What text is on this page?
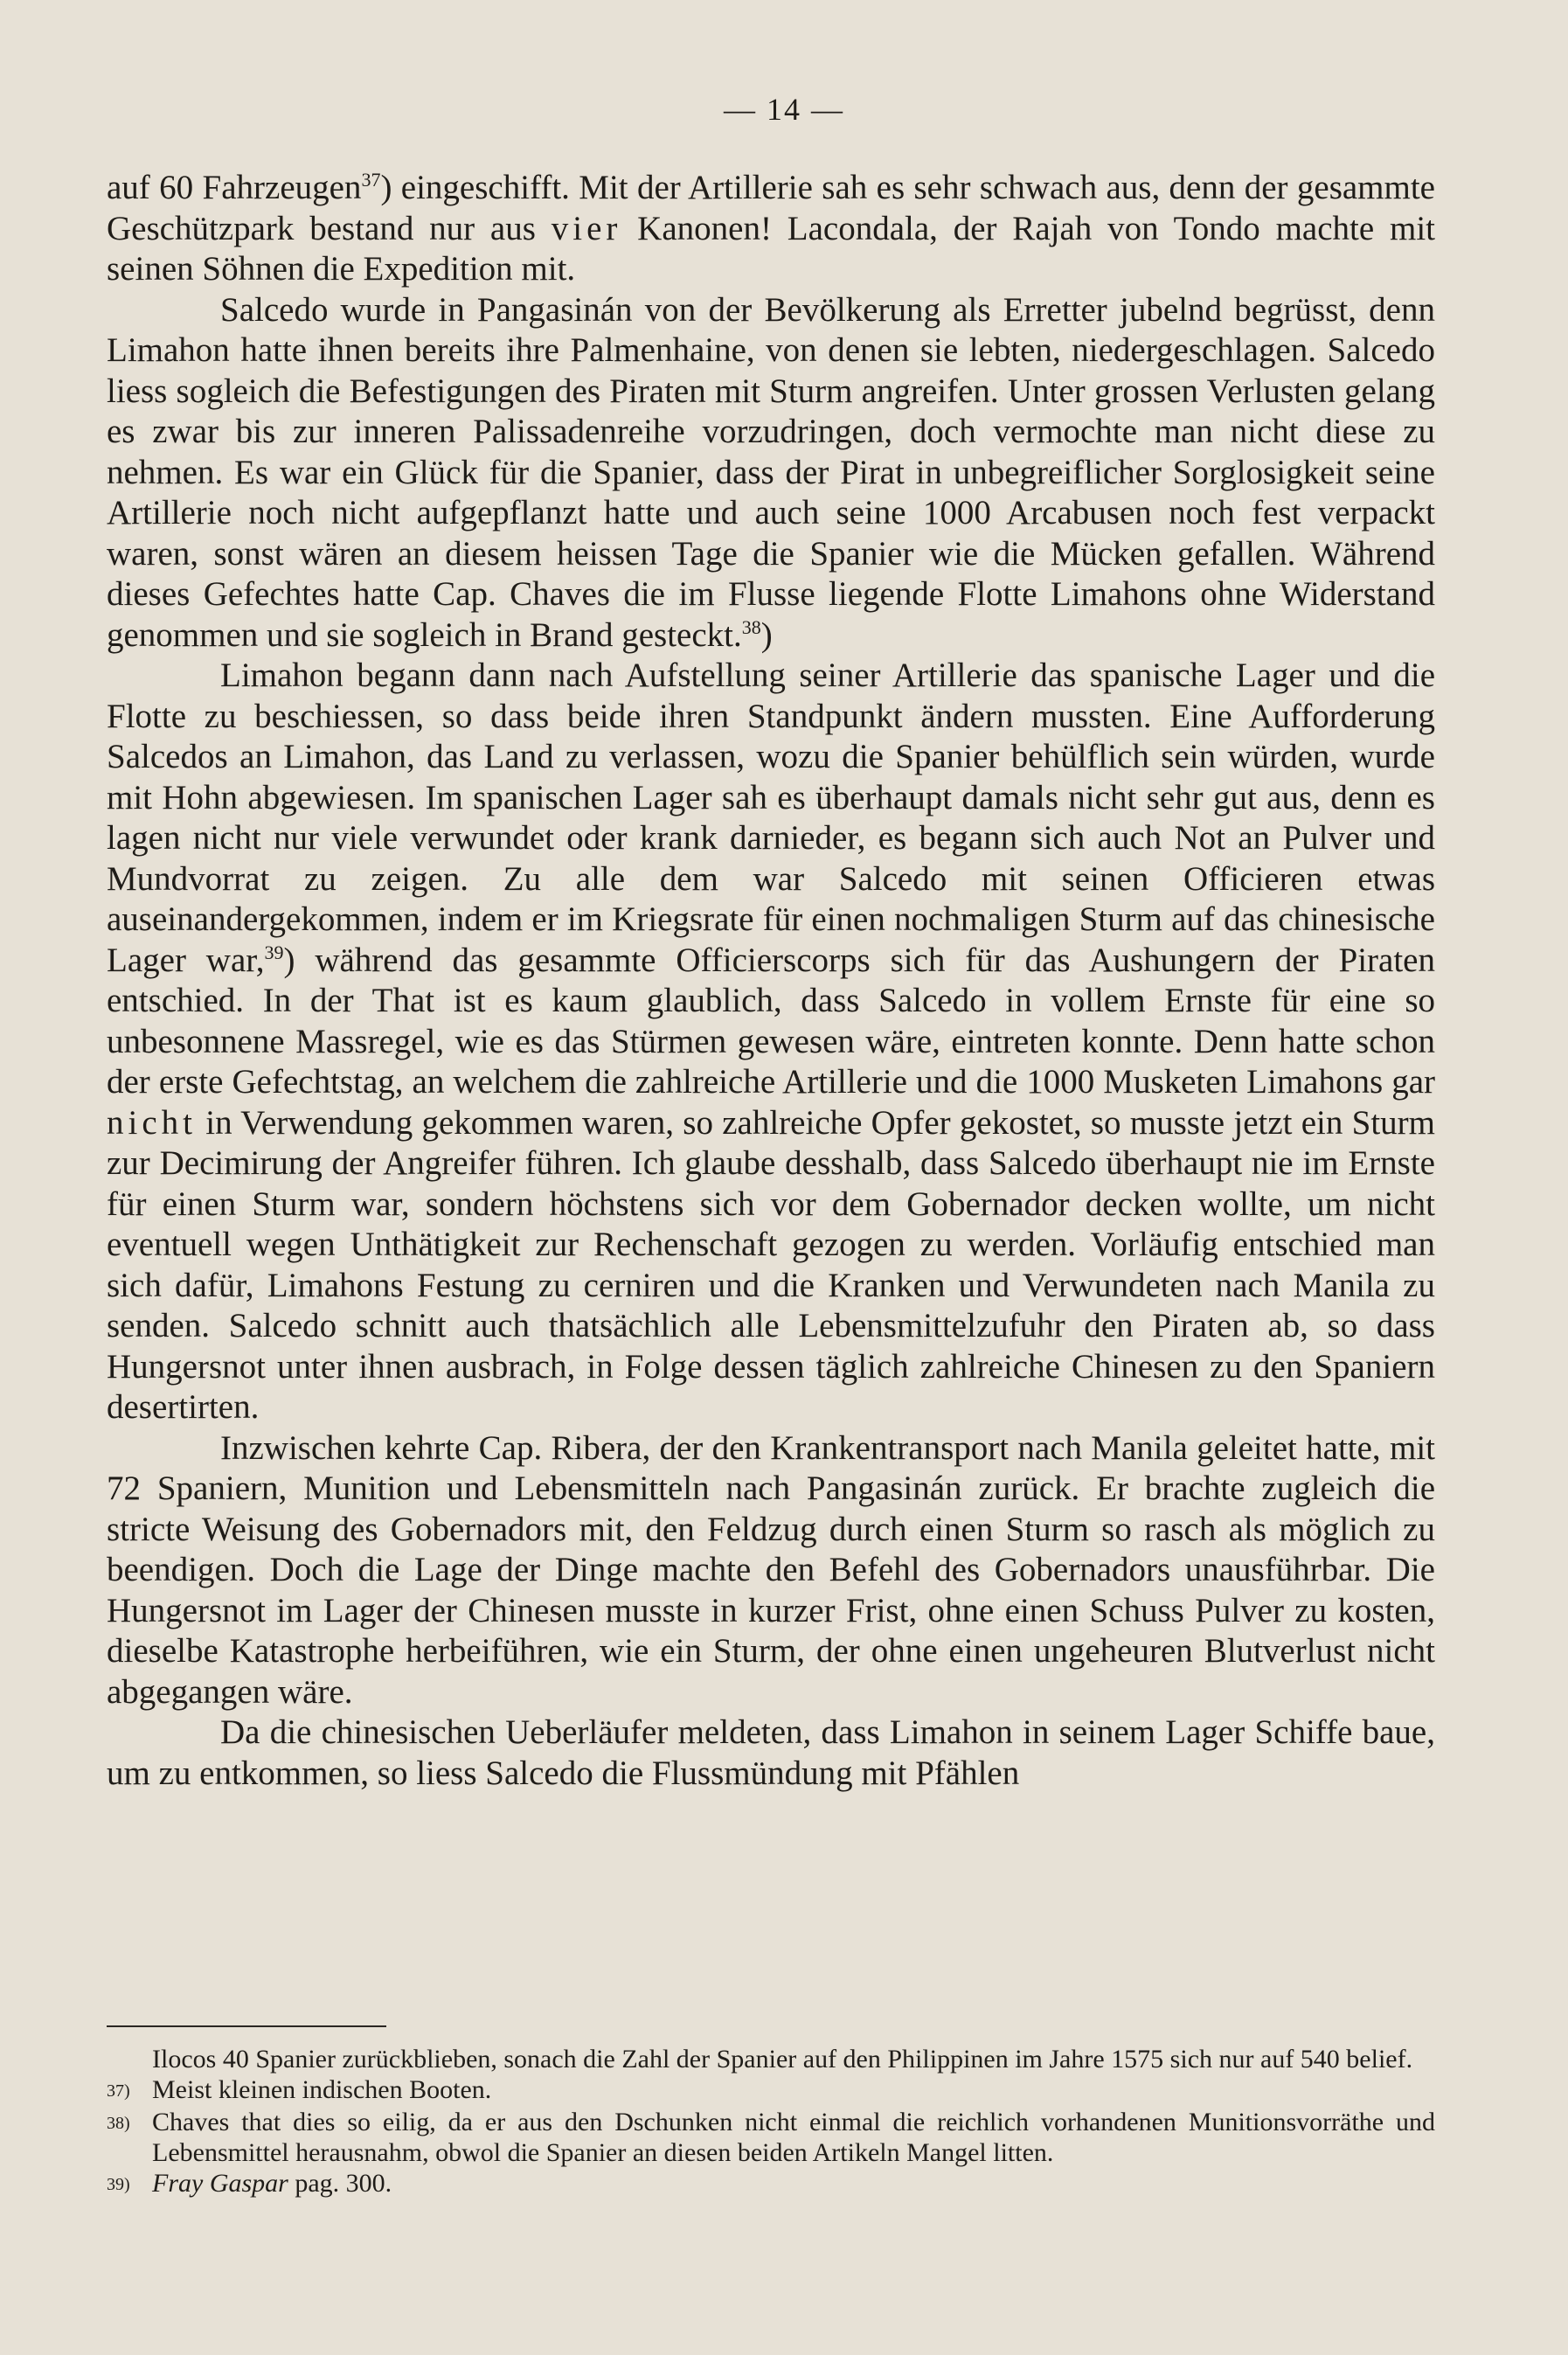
— 14 —

auf 60 Fahrzeugen$^{37}$) eingeschifft. Mit der Artillerie sah es sehr schwach aus, denn der gesammte Geschützpark bestand nur aus vier Kanonen! Lacondala, der Rajah von Tondo machte mit seinen Söhnen die Expedition mit.

Salcedo wurde in Pangasinán von der Bevölkerung als Erretter jubelnd begrüsst, denn Limahon hatte ihnen bereits ihre Palmenhaine, von denen sie lebten, niedergeschlagen. Salcedo liess sogleich die Befestigungen des Piraten mit Sturm angreifen. Unter grossen Verlusten gelang es zwar bis zur inneren Palissadenreihe vorzudringen, doch vermochte man nicht diese zu nehmen. Es war ein Glück für die Spanier, dass der Pirat in unbegreiflicher Sorglosigkeit seine Artillerie noch nicht aufgepflanzt hatte und auch seine 1000 Arcabusen noch fest verpackt waren, sonst wären an diesem heissen Tage die Spanier wie die Mücken gefallen. Während dieses Gefechtes hatte Cap. Chaves die im Flusse liegende Flotte Limahons ohne Widerstand genommen und sie sogleich in Brand gesteckt.$^{38}$)

Limahon begann dann nach Aufstellung seiner Artillerie das spanische Lager und die Flotte zu beschiessen, so dass beide ihren Standpunkt ändern mussten. Eine Aufforderung Salcedos an Limahon, das Land zu verlassen, wozu die Spanier behülflich sein würden, wurde mit Hohn abgewiesen. Im spanischen Lager sah es überhaupt damals nicht sehr gut aus, denn es lagen nicht nur viele verwundet oder krank darnieder, es begann sich auch Not an Pulver und Mundvorrat zu zeigen. Zu alle dem war Salcedo mit seinen Officieren etwas auseinandergekommen, indem er im Kriegsrate für einen nochmaligen Sturm auf das chinesische Lager war,$^{39}$) während das gesammte Officierscorps sich für das Aushungern der Piraten entschied. In der That ist es kaum glaublich, dass Salcedo in vollem Ernste für eine so unbesonnene Massregel, wie es das Stürmen gewesen wäre, eintreten konnte. Denn hatte schon der erste Gefechtstag, an welchem die zahlreiche Artillerie und die 1000 Musketen Limahons gar nicht in Verwendung gekommen waren, so zahlreiche Opfer gekostet, so musste jetzt ein Sturm zur Decimirung der Angreifer führen. Ich glaube desshalb, dass Salcedo überhaupt nie im Ernste für einen Sturm war, sondern höchstens sich vor dem Gobernador decken wollte, um nicht eventuell wegen Unthätigkeit zur Rechenschaft gezogen zu werden. Vorläufig entschied man sich dafür, Limahons Festung zu cerniren und die Kranken und Verwundeten nach Manila zu senden. Salcedo schnitt auch thatsächlich alle Lebensmittelzufuhr den Piraten ab, so dass Hungersnot unter ihnen ausbrach, in Folge dessen täglich zahlreiche Chinesen zu den Spaniern desertirten.

Inzwischen kehrte Cap. Ribera, der den Krankentransport nach Manila geleitet hatte, mit 72 Spaniern, Munition und Lebensmitteln nach Pangasinán zurück. Er brachte zugleich die stricte Weisung des Gobernadors mit, den Feldzug durch einen Sturm so rasch als möglich zu beendigen. Doch die Lage der Dinge machte den Befehl des Gobernadors unausführbar. Die Hungersnot im Lager der Chinesen musste in kurzer Frist, ohne einen Schuss Pulver zu kosten, dieselbe Katastrophe herbeiführen, wie ein Sturm, der ohne einen ungeheuren Blutverlust nicht abgegangen wäre.

Da die chinesischen Ueberläufer meldeten, dass Limahon in seinem Lager Schiffe baue, um zu entkommen, so liess Salcedo die Flussmündung mit Pfählen

Ilocos 40 Spanier zurückblieben, sonach die Zahl der Spanier auf den Philippinen im Jahre 1575 sich nur auf 540 belief.
37) Meist kleinen indischen Booten.
38) Chaves that dies so eilig, da er aus den Dschunken nicht einmal die reichlich vorhandenen Munitionsvorräthe und Lebensmittel herausnahm, obwol die Spanier an diesen beiden Artikeln Mangel litten.
39) Fray Gaspar pag. 300.
